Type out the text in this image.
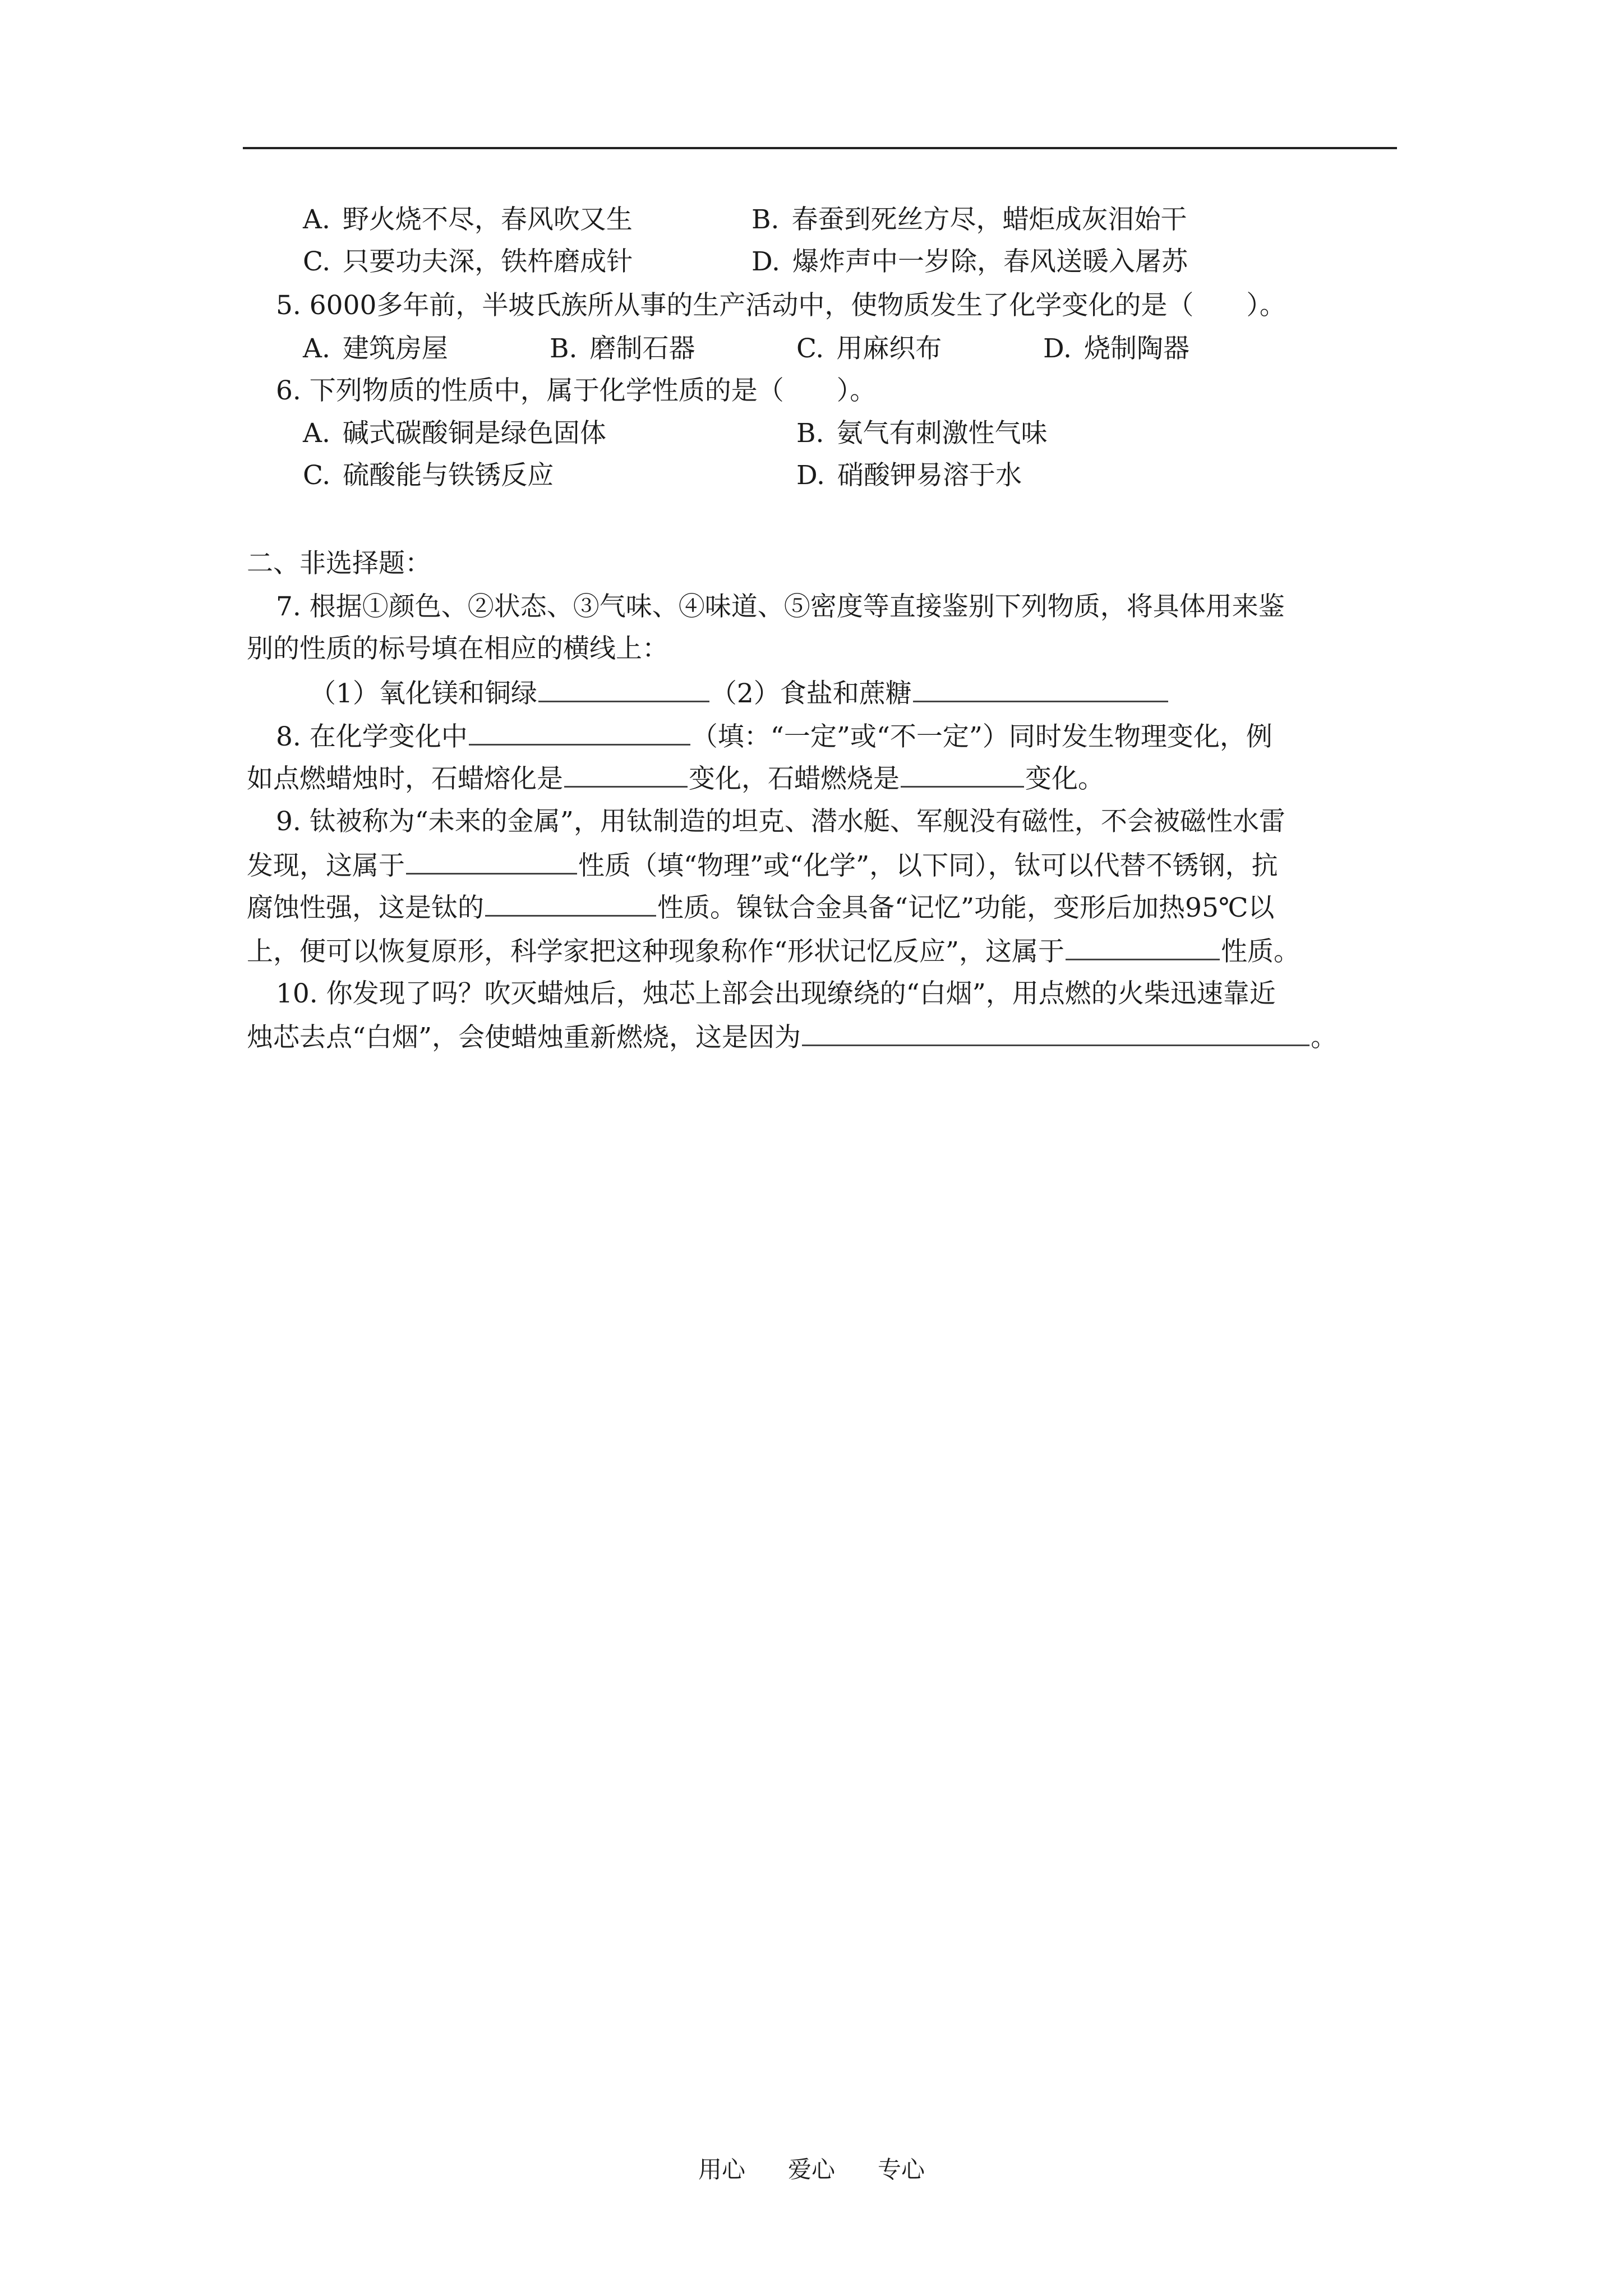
A. 野火烧不尽，春风吹又生	B. 春蚕到死丝方尽，蜡炬成灰泪始干
C. 只要功夫深，铁杵磨成针	D. 爆炸声中一岁除，春风送暖入屠苏
5. 6000多年前，半坡氏族所从事的生产活动中，使物质发生了化学变化的是（　　）。
A. 建筑房屋	B. 磨制石器	C. 用麻织布	D. 烧制陶器
6. 下列物质的性质中，属于化学性质的是（　　）。
A. 碱式碳酸铜是绿色固体	B. 氨气有刺激性气味
C. 硫酸能与铁锈反应	D. 硝酸钾易溶于水
二、非选择题：
7. 根据①颜色、②状态、③气味、④味道、⑤密度等直接鉴别下列物质，将具体用来鉴
别的性质的标号填在相应的横线上：
（1）氧化镁和铜绿	（2）食盐和蔗糖
8. 在化学变化中	（填：“一定”或“不一定”）同时发生物理变化，例
如点燃蜡烛时，石蜡熔化是	变化，石蜡燃烧是	变化。
9. 钛被称为“未来的金属”，用钛制造的坦克、潜水艇、军舰没有磁性，不会被磁性水雷
发现，这属于	性质（填“物理”或“化学”，以下同），钛可以代替不锈钢，抗
腐蚀性强，这是钛的	性质。镍钛合金具备“记忆”功能，变形后加热95℃以
上，便可以恢复原形，科学家把这种现象称作“形状记忆反应”，这属于	性质。
10. 你发现了吗？吹灭蜡烛后，烛芯上部会出现缭绕的“白烟”，用点燃的火柴迅速靠近
烛芯去点“白烟”，会使蜡烛重新燃烧，这是因为	。
用心 爱心 专心
